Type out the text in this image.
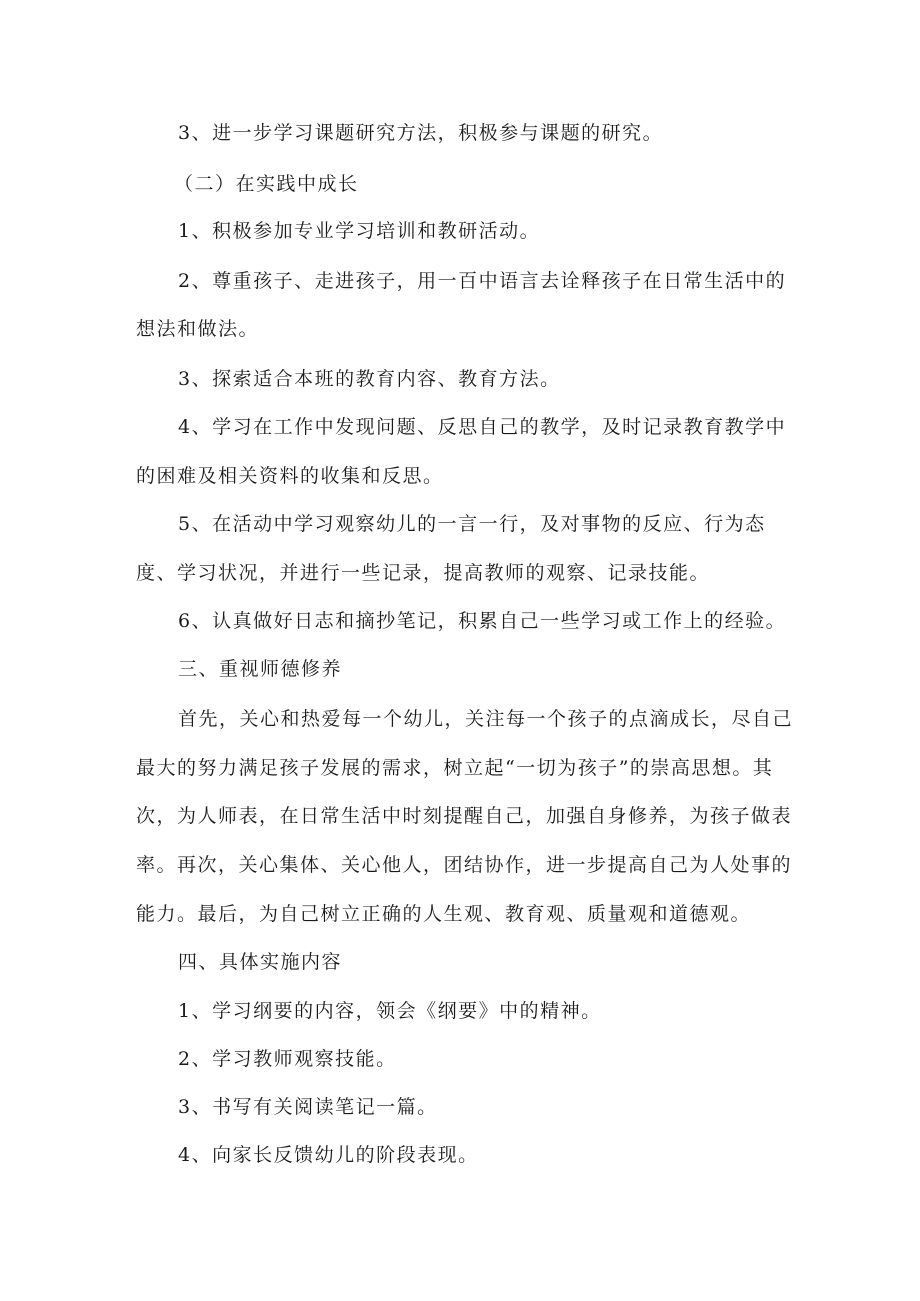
3、进一步学习课题研究方法，积极参与课题的研究。
（二）在实践中成长
1、积极参加专业学习培训和教研活动。
2、尊重孩子、走进孩子，用一百中语言去诠释孩子在日常生活中的
想法和做法。
3、探索适合本班的教育内容、教育方法。
4、学习在工作中发现问题、反思自己的教学，及时记录教育教学中
的困难及相关资料的收集和反思。
5、在活动中学习观察幼儿的一言一行，及对事物的反应、行为态
度、学习状况，并进行一些记录，提高教师的观察、记录技能。
6、认真做好日志和摘抄笔记，积累自己一些学习或工作上的经验。
三、重视师德修养
首先，关心和热爱每一个幼儿，关注每一个孩子的点滴成长，尽自己
最大的努力满足孩子发展的需求，树立起“一切为孩子”的崇高思想。其
次，为人师表，在日常生活中时刻提醒自己，加强自身修养，为孩子做表
率。再次，关心集体、关心他人，团结协作，进一步提高自己为人处事的
能力。最后，为自己树立正确的人生观、教育观、质量观和道德观。
四、具体实施内容
1、学习纲要的内容，领会《纲要》中的精神。
2、学习教师观察技能。
3、书写有关阅读笔记一篇。
4、向家长反馈幼儿的阶段表现。
